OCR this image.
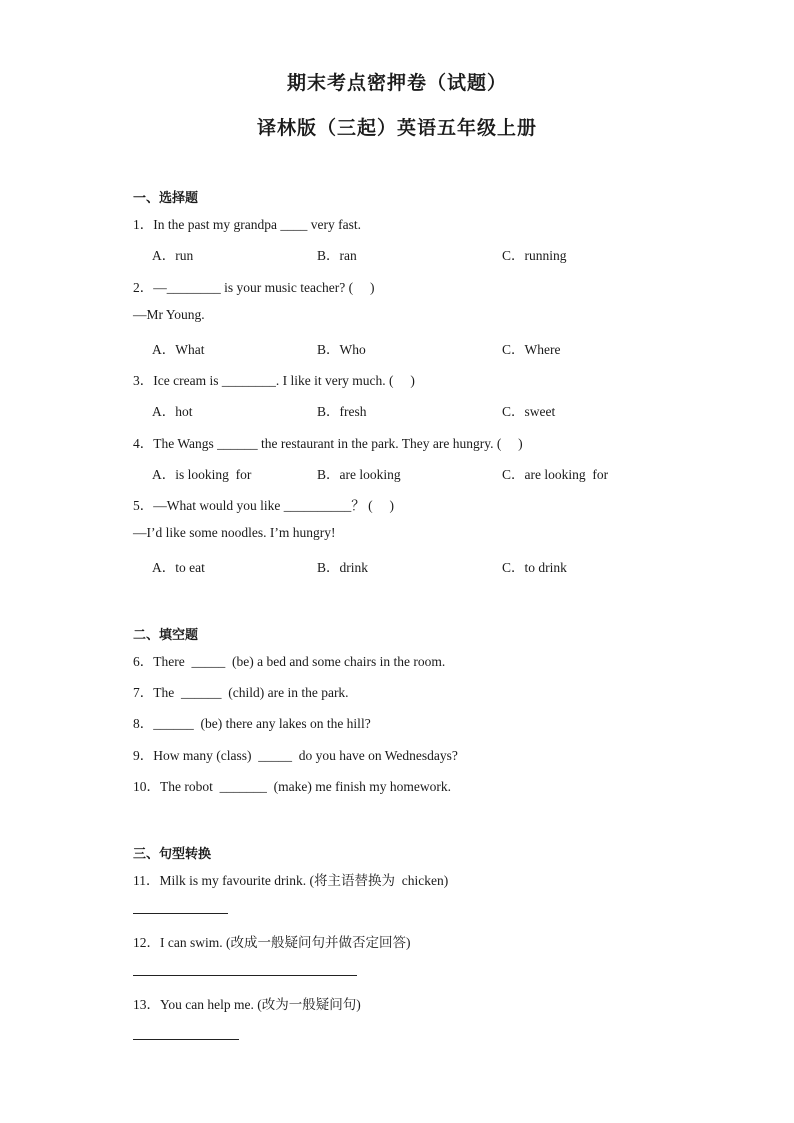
期末考点密押卷（试题）
译林版（三起）英语五年级上册
一、选择题
1．In the past my grandpa ____ very fast.
A．run	B．ran	C．running
2．—________ is your music teacher? (     )
—Mr Young.
A．What	B．Who	C．Where
3．Ice cream is ________. I like it very much. (     )
A．hot	B．fresh	C．sweet
4．The Wangs ______ the restaurant in the park. They are hungry. (     )
A．is looking  for	B．are looking	C．are looking  for
5．—What would you like __________？ (     )
—I’d like some noodles. I’m hungry!
A．to eat	B．drink	C．to drink
二、填空题
6．There  _____  (be) a bed and some chairs in the room.
7．The  ______  (child) are in the park.
8．______  (be) there any lakes on the hill?
9．How many (class)  _____  do you have on Wednesdays?
10．The robot  _______  (make) me finish my homework.
三、句型转换
11．Milk is my favourite drink. (将主语替换为  chicken)
12．I can swim. (改成一般疑问句并做否定回答)
13．You can help me. (改为一般疑问句)
